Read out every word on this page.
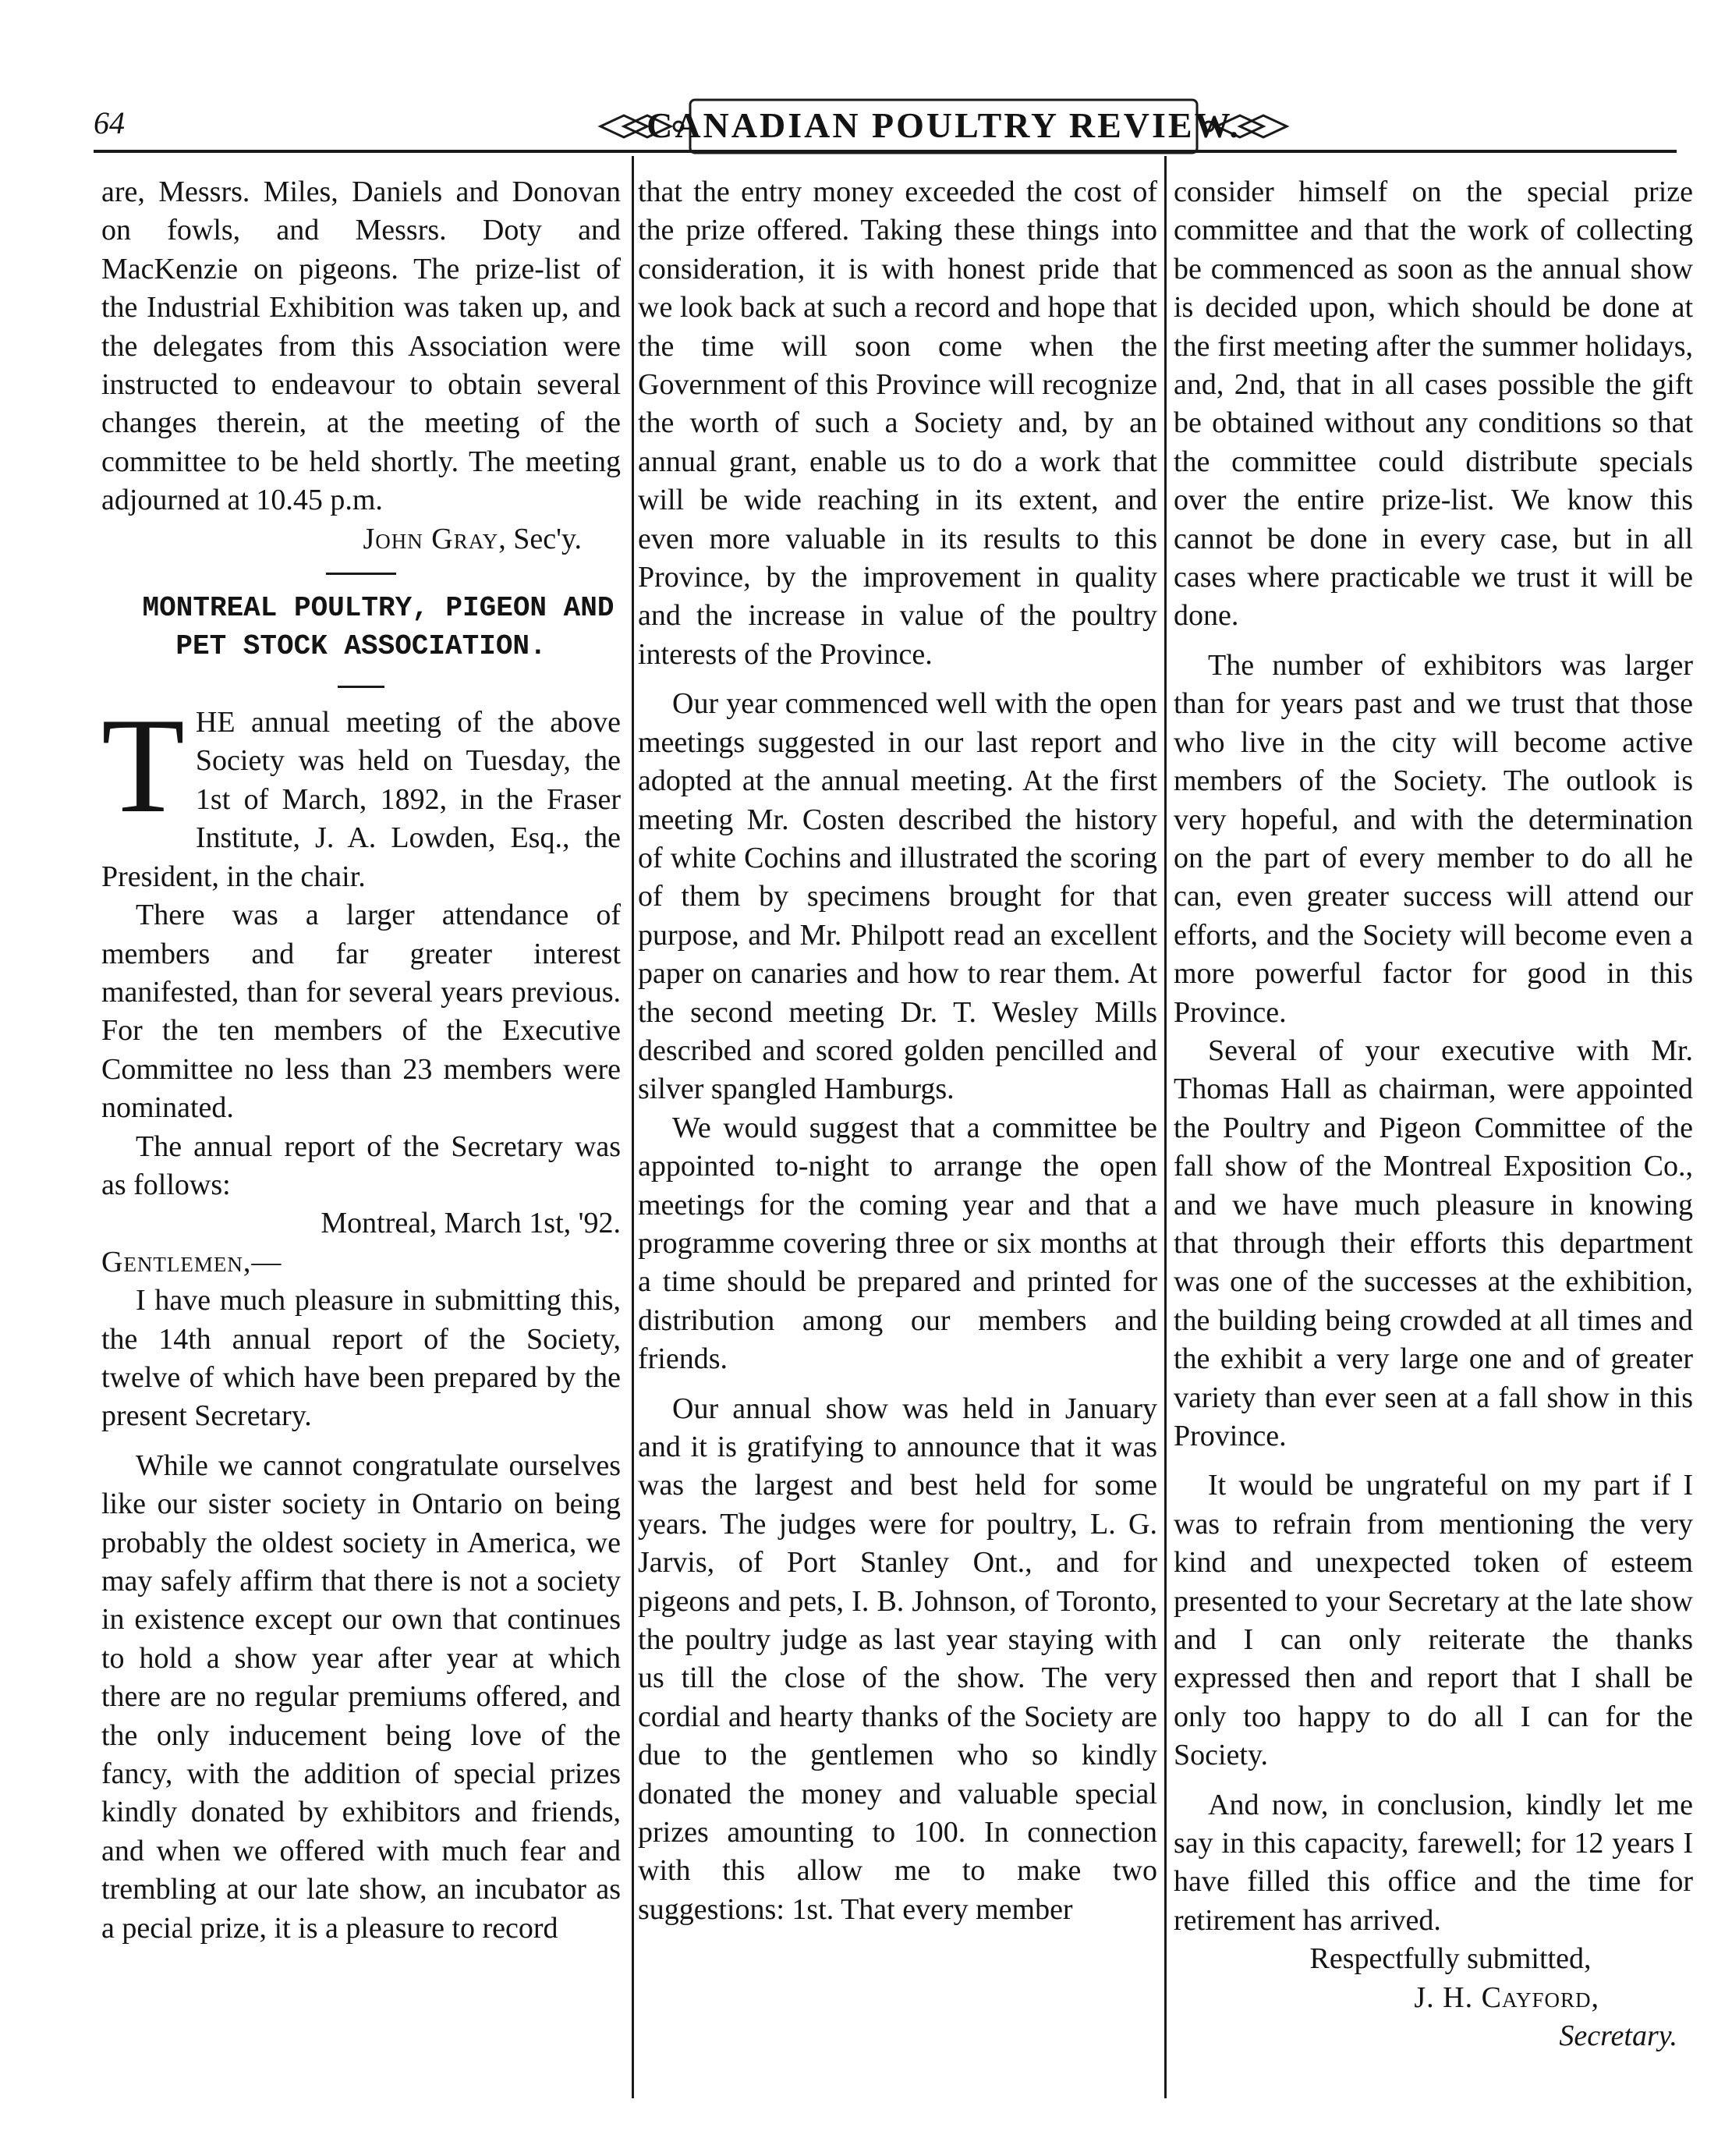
64	CANADIAN POULTRY REVIEW.

are, Messrs. Miles, Daniels and Donovan on fowls, and Messrs. Doty and MacKenzie on pigeons. The prize-list of the Industrial Exhibition was taken up, and the delegates from this Association were instructed to endeavour to obtain several changes therein, at the meeting of the committee to be held shortly. The meeting adjourned at 10.45 p.m.

John Gray, Sec'y.

MONTREAL POULTRY, PIGEON AND PET STOCK ASSOCIATION.

THE annual meeting of the above Society was held on Tuesday, the 1st of March, 1892, in the Fraser Institute, J. A. Lowden, Esq., the President, in the chair.

There was a larger attendance of members and far greater interest manifested, than for several years previous. For the ten members of the Executive Committee no less than 23 members were nominated.

The annual report of the Secretary was as follows:

Montreal, March 1st, '92.

Gentlemen,—

I have much pleasure in submitting this, the 14th annual report of the Society, twelve of which have been prepared by the present Secretary.

While we cannot congratulate ourselves like our sister society in Ontario on being probably the oldest society in America, we may safely affirm that there is not a society in existence except our own that continues to hold a show year after year at which there are no regular premiums offered, and the only inducement being love of the fancy, with the addition of special prizes kindly donated by exhibitors and friends, and when we offered with much fear and trembling at our late show, an incubator as a pecial prize, it is a pleasure to record

that the entry money exceeded the cost of the prize offered. Taking these things into consideration, it is with honest pride that we look back at such a record and hope that the time will soon come when the Government of this Province will recognize the worth of such a Society and, by an annual grant, enable us to do a work that will be wide reaching in its extent, and even more valuable in its results to this Province, by the improvement in quality and the increase in value of the poultry interests of the Province.

Our year commenced well with the open meetings suggested in our last report and adopted at the annual meeting. At the first meeting Mr. Costen described the history of white Cochins and illustrated the scoring of them by specimens brought for that purpose, and Mr. Philpott read an excellent paper on canaries and how to rear them. At the second meeting Dr. T. Wesley Mills described and scored golden pencilled and silver spangled Hamburgs.

We would suggest that a committee be appointed to-night to arrange the open meetings for the coming year and that a programme covering three or six months at a time should be prepared and printed for distribution among our members and friends.

Our annual show was held in January and it is gratifying to announce that it was was the largest and best held for some years. The judges were for poultry, L. G. Jarvis, of Port Stanley Ont., and for pigeons and pets, I. B. Johnson, of Toronto, the poultry judge as last year staying with us till the close of the show. The very cordial and hearty thanks of the Society are due to the gentlemen who so kindly donated the money and valuable special prizes amounting to 100. In connection with this allow me to make two suggestions: 1st. That every member

consider himself on the special prize committee and that the work of collecting be commenced as soon as the annual show is decided upon, which should be done at the first meeting after the summer holidays, and, 2nd, that in all cases possible the gift be obtained without any conditions so that the committee could distribute specials over the entire prize-list. We know this cannot be done in every case, but in all cases where practicable we trust it will be done.

The number of exhibitors was larger than for years past and we trust that those who live in the city will become active members of the Society. The outlook is very hopeful, and with the determination on the part of every member to do all he can, even greater success will attend our efforts, and the Society will become even a more powerful factor for good in this Province.

Several of your executive with Mr. Thomas Hall as chairman, were appointed the Poultry and Pigeon Committee of the fall show of the Montreal Exposition Co., and we have much pleasure in knowing that through their efforts this department was one of the successes at the exhibition, the building being crowded at all times and the exhibit a very large one and of greater variety than ever seen at a fall show in this Province.

It would be ungrateful on my part if I was to refrain from mentioning the very kind and unexpected token of esteem presented to your Secretary at the late show and I can only reiterate the thanks expressed then and report that I shall be only too happy to do all I can for the Society.

And now, in conclusion, kindly let me say in this capacity, farewell; for 12 years I have filled this office and the time for retirement has arrived.

Respectfully submitted,

J. H. Cayford,

Secretary.
